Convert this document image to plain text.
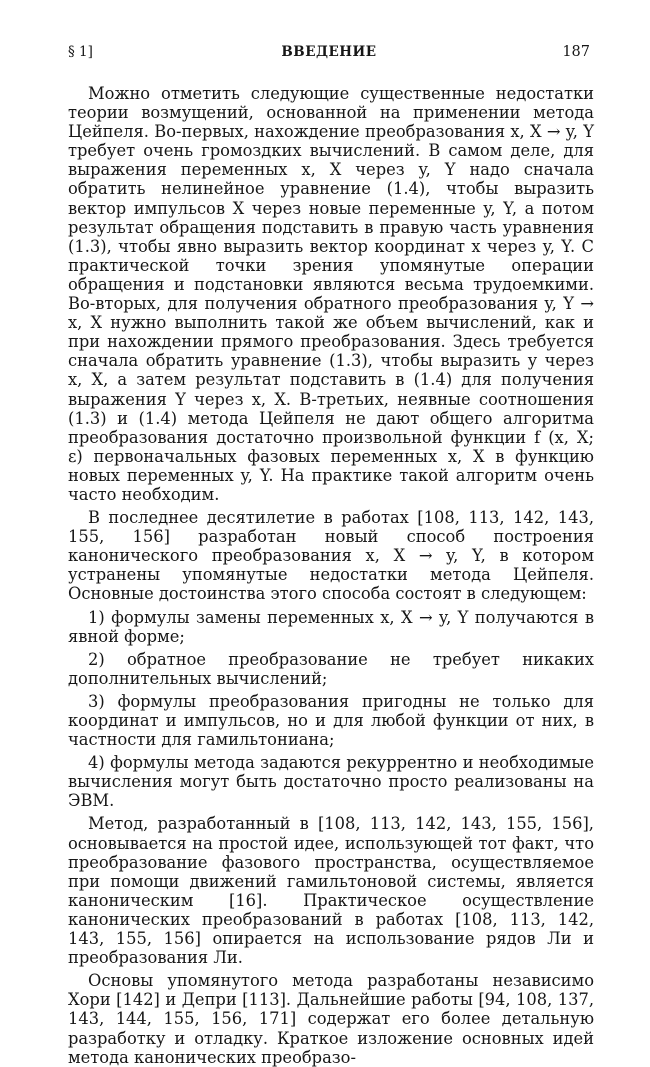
§ 1]	ВВЕДЕНИЕ	187

Можно отметить следующие существенные недостатки теории возмущений, основанной на применении метода Цейпеля. Во-первых, нахождение преобразования x, X → y, Y требует очень громоздких вычислений. В самом деле, для выражения переменных x, X через y, Y надо сначала обратить нелинейное уравнение (1.4), чтобы выразить вектор импульсов X через новые переменные y, Y, а потом результат обращения подставить в правую часть уравнения (1.3), чтобы явно выразить вектор координат x через y, Y. С практической точки зрения упомянутые операции обращения и подстановки являются весьма трудоемкими. Во-вторых, для получения обратного преобразования y, Y → x, X нужно выполнить такой же объем вычислений, как и при нахождении прямого преобразования. Здесь требуется сначала обратить уравнение (1.3), чтобы выразить y через x, X, а затем результат подставить в (1.4) для получения выражения Y через x, X. В-третьих, неявные соотношения (1.3) и (1.4) метода Цейпеля не дают общего алгоритма преобразования достаточно произвольной функции f (x, X; ε) первоначальных фазовых переменных x, X в функцию новых переменных y, Y. На практике такой алгоритм очень часто необходим.

В последнее десятилетие в работах [108, 113, 142, 143, 155, 156] разработан новый способ построения канонического преобразования x, X → y, Y, в котором устранены упомянутые недостатки метода Цейпеля. Основные достоинства этого способа состоят в следующем:

1) формулы замены переменных x, X → y, Y получаются в явной форме;

2) обратное преобразование не требует никаких дополнительных вычислений;

3) формулы преобразования пригодны не только для координат и импульсов, но и для любой функции от них, в частности для гамильтониана;

4) формулы метода задаются рекуррентно и необходимые вычисления могут быть достаточно просто реализованы на ЭВМ.

Метод, разработанный в [108, 113, 142, 143, 155, 156], основывается на простой идее, использующей тот факт, что преобразование фазового пространства, осуществляемое при помощи движений гамильтоновой системы, является каноническим [16]. Практическое осуществление канонических преобразований в работах [108, 113, 142, 143, 155, 156] опирается на использование рядов Ли и преобразования Ли.

Основы упомянутого метода разработаны независимо Хори [142] и Депри [113]. Дальнейшие работы [94, 108, 137, 143, 144, 155, 156, 171] содержат его более детальную разработку и отладку. Краткое изложение основных идей метода канонических преобразо-
